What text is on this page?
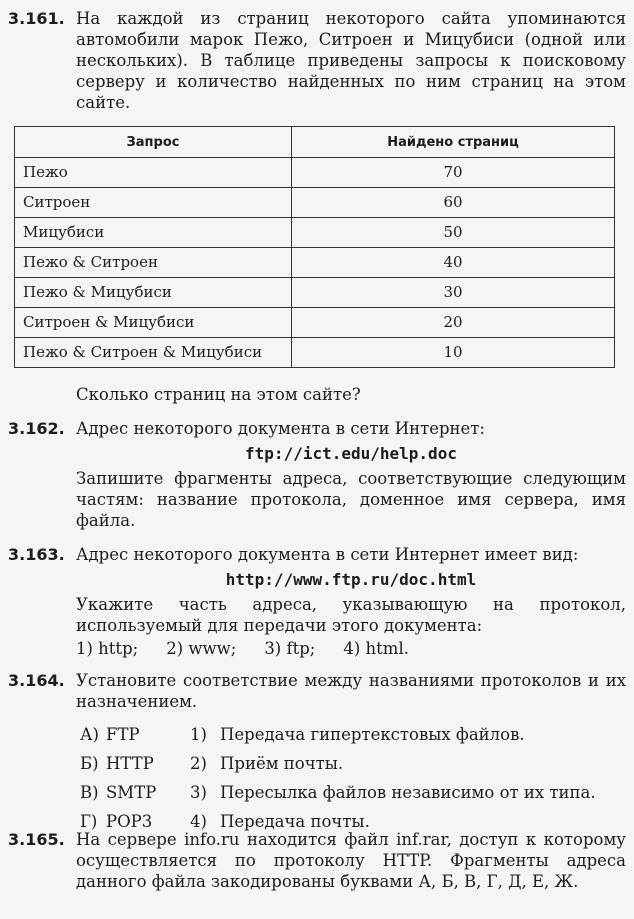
3.161. На каждой из страниц некоторого сайта упоминаются автомобили марок Пежо, Ситроен и Мицубиси (одной или нескольких). В таблице приведены запросы к поисковому серверу и количество найденных по ним страниц на этом сайте.
Запрос	Найдено страниц
Пежо	70
Ситроен	60
Мицубиси	50
Пежо & Ситроен	40
Пежо & Мицубиси	30
Ситроен & Мицубиси	20
Пежо & Ситроен & Мицубиси	10
Сколько страниц на этом сайте?
3.162. Адрес некоторого документа в сети Интернет:
ftp://ict.edu/help.doc
Запишите фрагменты адреса, соответствующие следующим частям: название протокола, доменное имя сервера, имя файла.
3.163. Адрес некоторого документа в сети Интернет имеет вид:
http://www.ftp.ru/doc.html
Укажите часть адреса, указывающую на протокол, используемый для передачи этого документа:
1) http; 2) www; 3) ftp; 4) html.
3.164. Установите соответствие между названиями протоколов и их назначением.
А) FTP	1) Передача гипертекстовых файлов.
Б) HTTP	2) Приём почты.
В) SMTP	3) Пересылка файлов независимо от их типа.
Г) POP3	4) Передача почты.
3.165. На сервере info.ru находится файл inf.rar, доступ к которому осуществляется по протоколу HTTP. Фрагменты адреса данного файла закодированы буквами А, Б, В, Г, Д, Е, Ж.
